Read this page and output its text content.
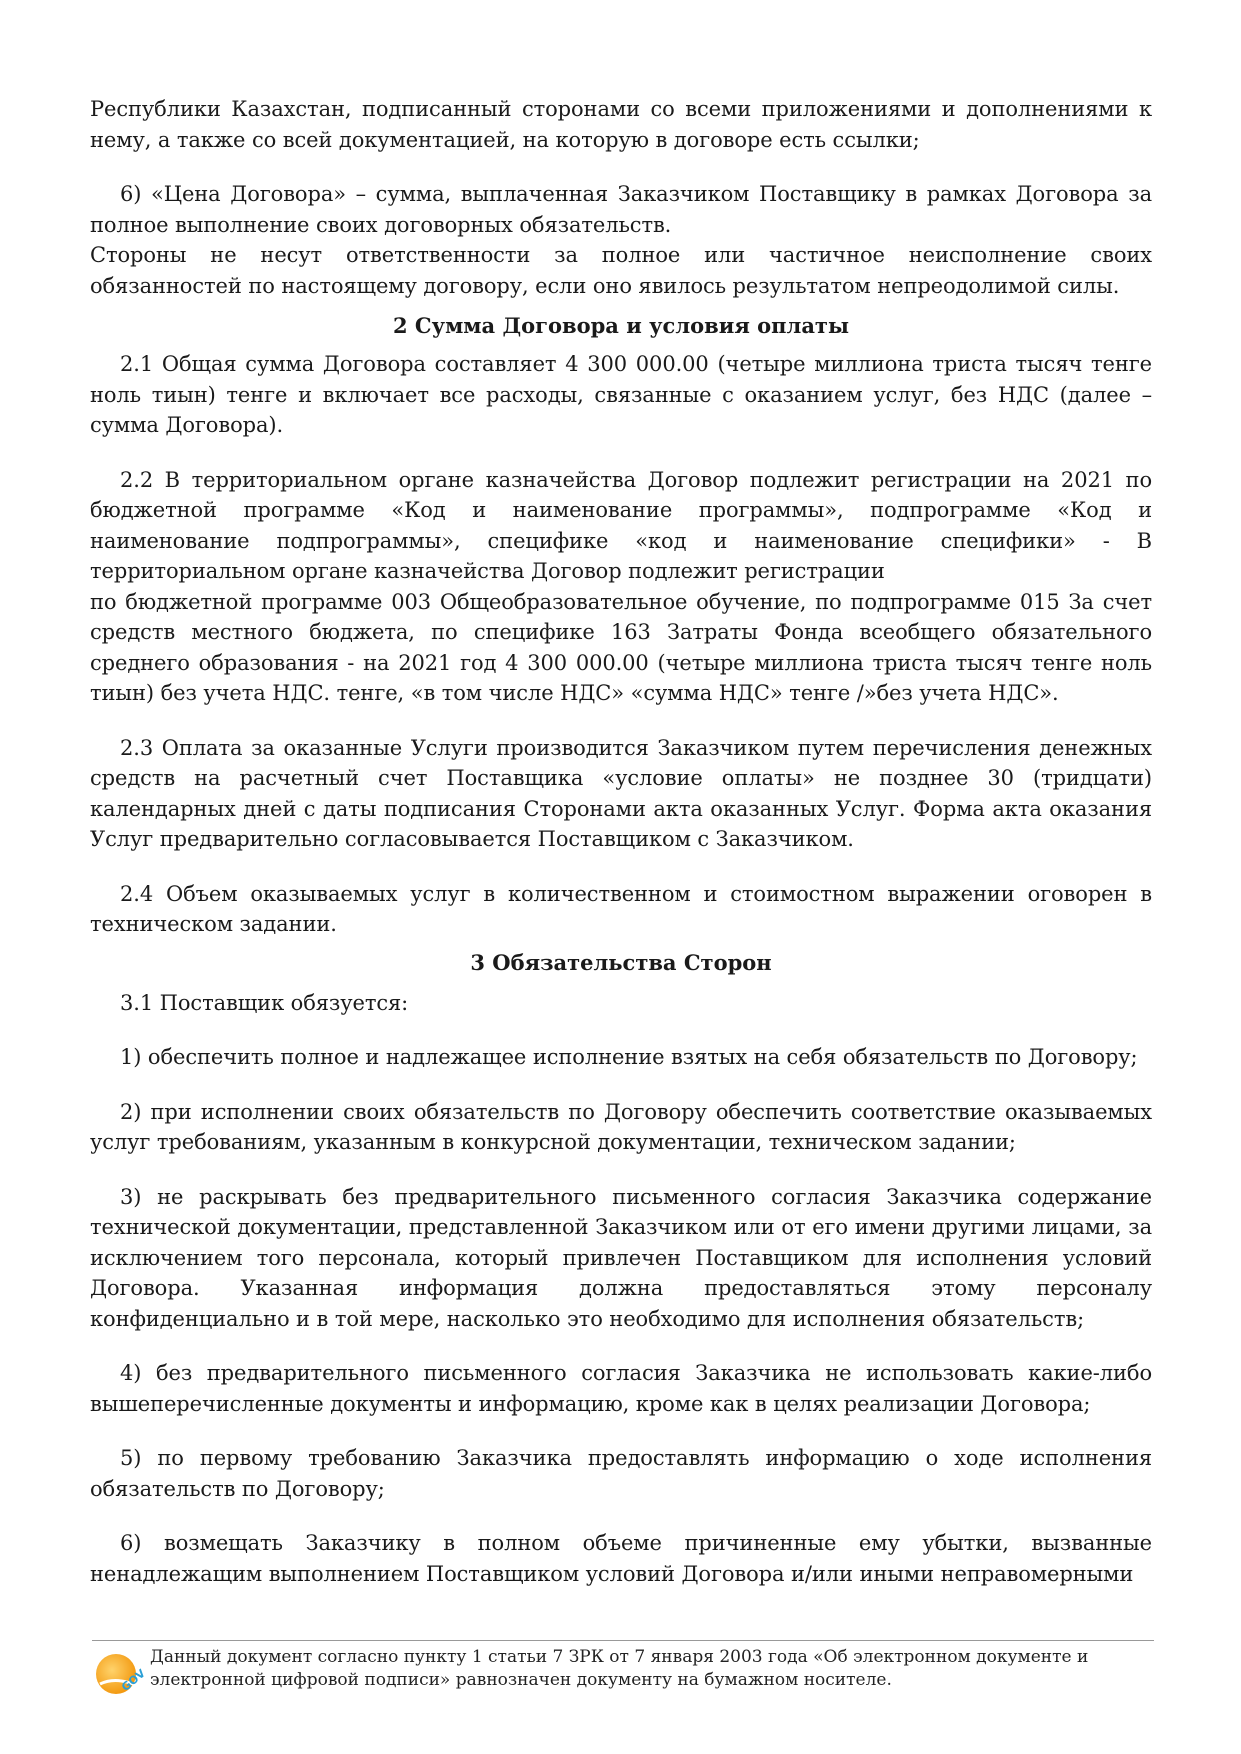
Республики Казахстан, подписанный сторонами со всеми приложениями и дополнениями к нему, а также со всей документацией, на которую в договоре есть ссылки;

6) «Цена Договора» – сумма, выплаченная Заказчиком Поставщику в рамках Договора за полное выполнение своих договорных обязательств.

Стороны не несут ответственности за полное или частичное неисполнение своих обязанностей по настоящему договору, если оно явилось результатом непреодолимой силы.

2 Сумма Договора и условия оплаты

2.1 Общая сумма Договора составляет 4 300 000.00 (четыре миллиона триста тысяч тенге ноль тиын) тенге и включает все расходы, связанные с оказанием услуг, без НДС (далее – сумма Договора).

2.2 В территориальном органе казначейства Договор подлежит регистрации на 2021 по бюджетной программе «Код и наименование программы», подпрограмме «Код и наименование подпрограммы», специфике «код и наименование специфики» - В территориальном органе казначейства Договор подлежит регистрации

по бюджетной программе 003 Общеобразовательное обучение, по подпрограмме 015 За счет средств местного бюджета, по специфике 163 Затраты Фонда всеобщего обязательного среднего образования - на 2021 год 4 300 000.00 (четыре миллиона триста тысяч тенге ноль тиын) без учета НДС. тенге, «в том числе НДС» «сумма НДС» тенге /»без учета НДС».

2.3 Оплата за оказанные Услуги производится Заказчиком путем перечисления денежных средств на расчетный счет Поставщика «условие оплаты» не позднее 30 (тридцати) календарных дней с даты подписания Сторонами акта оказанных Услуг. Форма акта оказания Услуг предварительно согласовывается Поставщиком с Заказчиком.

2.4 Объем оказываемых услуг в количественном и стоимостном выражении оговорен в техническом задании.

3 Обязательства Сторон

3.1 Поставщик обязуется:

1) обеспечить полное и надлежащее исполнение взятых на себя обязательств по Договору;

2) при исполнении своих обязательств по Договору обеспечить соответствие оказываемых услуг требованиям, указанным в конкурсной документации, техническом задании;

3) не раскрывать без предварительного письменного согласия Заказчика содержание технической документации, представленной Заказчиком или от его имени другими лицами, за исключением того персонала, который привлечен Поставщиком для исполнения условий Договора. Указанная информация должна предоставляться этому персоналу конфиденциально и в той мере, насколько это необходимо для исполнения обязательств;

4) без предварительного письменного согласия Заказчика не использовать какие-либо вышеперечисленные документы и информацию, кроме как в целях реализации Договора;

5) по первому требованию Заказчика предоставлять информацию о ходе исполнения обязательств по Договору;

6) возмещать Заказчику в полном объеме причиненные ему убытки, вызванные ненадлежащим выполнением Поставщиком условий Договора и/или иными неправомерными

GOV
Данный документ согласно пункту 1 статьи 7 ЗРК от 7 января 2003 года «Об электронном документе и электронной цифровой подписи» равнозначен документу на бумажном носителе.
